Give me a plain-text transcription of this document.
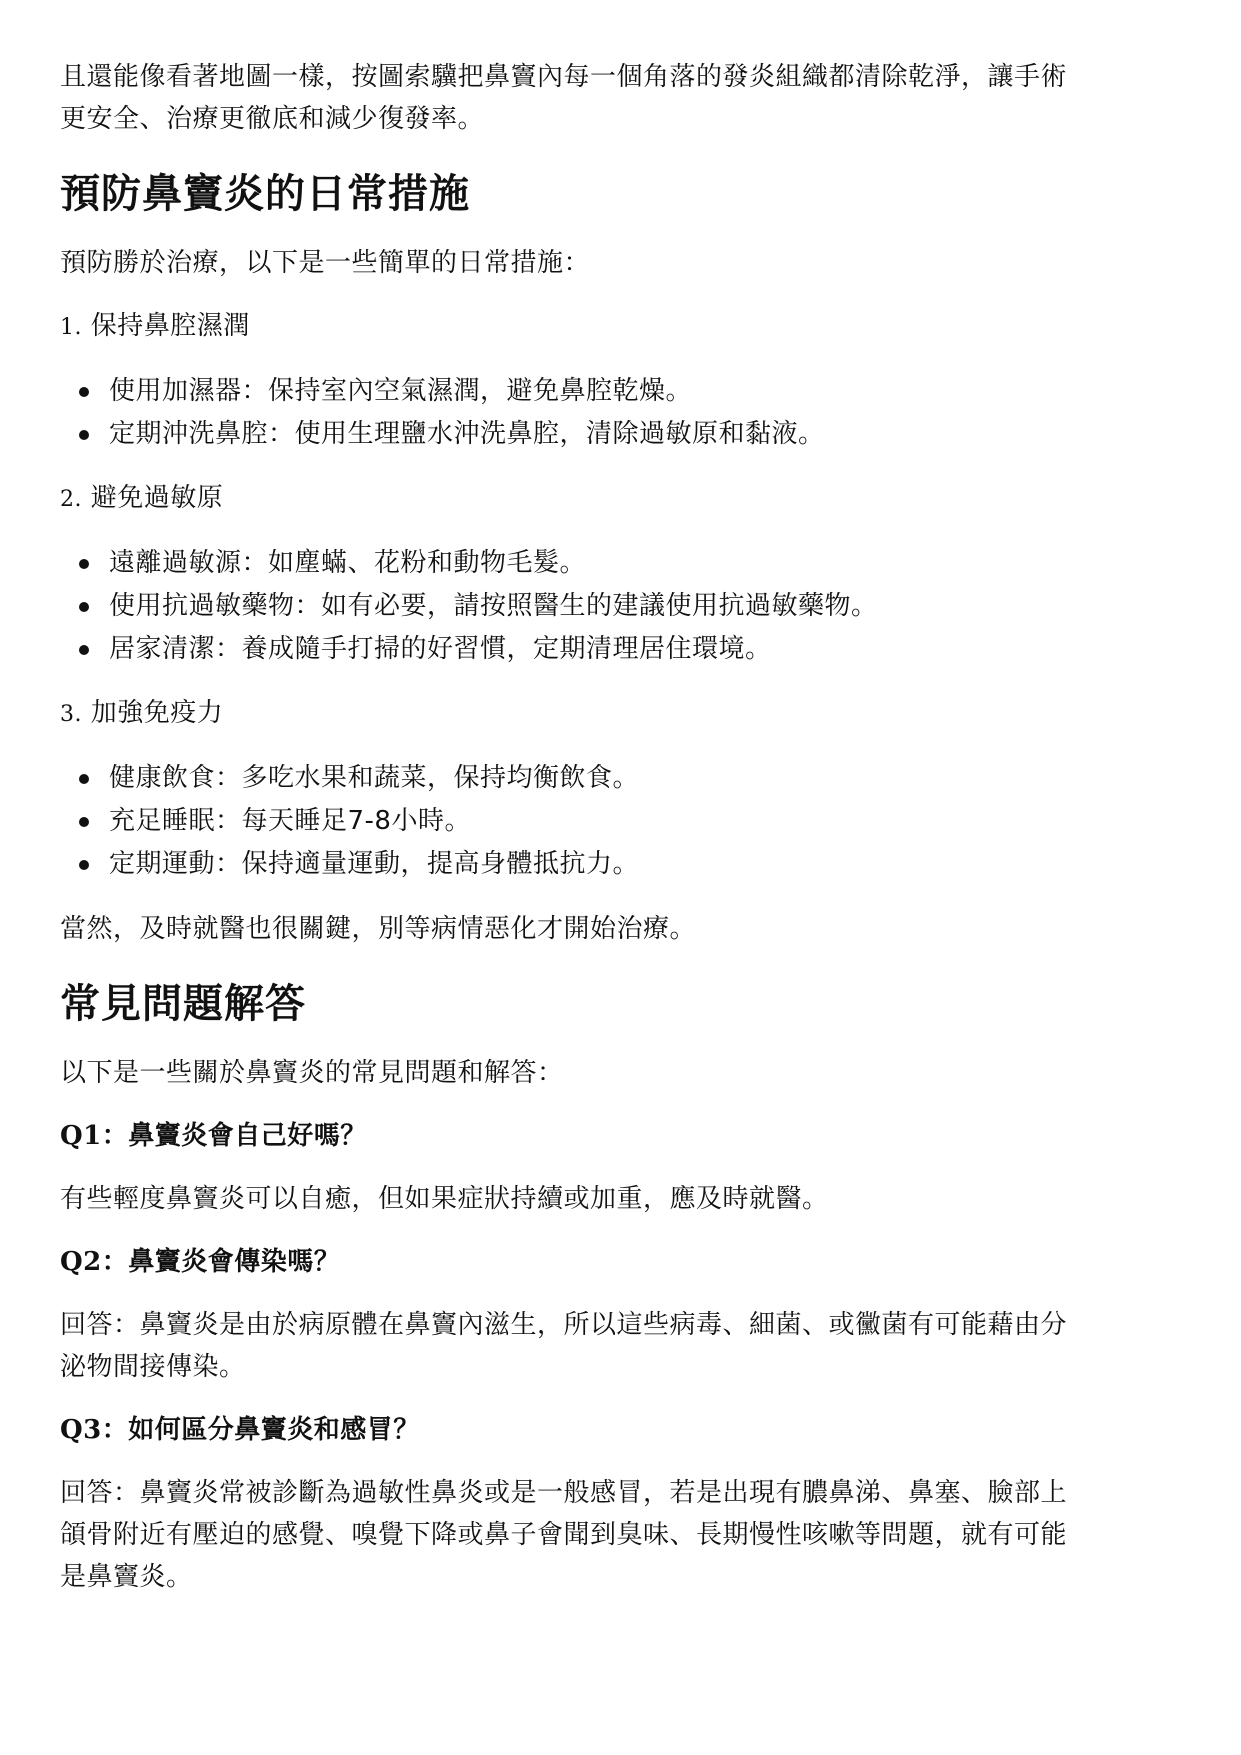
且還能像看著地圖一樣，按圖索驥把鼻竇內每一個角落的發炎組織都清除乾淨，讓手術
更安全、治療更徹底和減少復發率。

預防鼻竇炎的日常措施

預防勝於治療，以下是一些簡單的日常措施：

1. 保持鼻腔濕潤

使用加濕器：保持室內空氣濕潤，避免鼻腔乾燥。
定期沖洗鼻腔：使用生理鹽水沖洗鼻腔，清除過敏原和黏液。

2. 避免過敏原

遠離過敏源：如塵蟎、花粉和動物毛髮。
使用抗過敏藥物：如有必要，請按照醫生的建議使用抗過敏藥物。
居家清潔：養成隨手打掃的好習慣，定期清理居住環境。

3. 加強免疫力

健康飲食：多吃水果和蔬菜，保持均衡飲食。
充足睡眠：每天睡足7-8小時。
定期運動：保持適量運動，提高身體抵抗力。

當然，及時就醫也很關鍵，別等病情惡化才開始治療。

常見問題解答

以下是一些關於鼻竇炎的常見問題和解答：

Q1：鼻竇炎會自己好嗎？

有些輕度鼻竇炎可以自癒，但如果症狀持續或加重，應及時就醫。

Q2：鼻竇炎會傳染嗎？

回答：鼻竇炎是由於病原體在鼻竇內滋生，所以這些病毒、細菌、或黴菌有可能藉由分
泌物間接傳染。

Q3：如何區分鼻竇炎和感冒？

回答：鼻竇炎常被診斷為過敏性鼻炎或是一般感冒，若是出現有膿鼻涕、鼻塞、臉部上
頜骨附近有壓迫的感覺、嗅覺下降或鼻子會聞到臭味、長期慢性咳嗽等問題，就有可能
是鼻竇炎。
